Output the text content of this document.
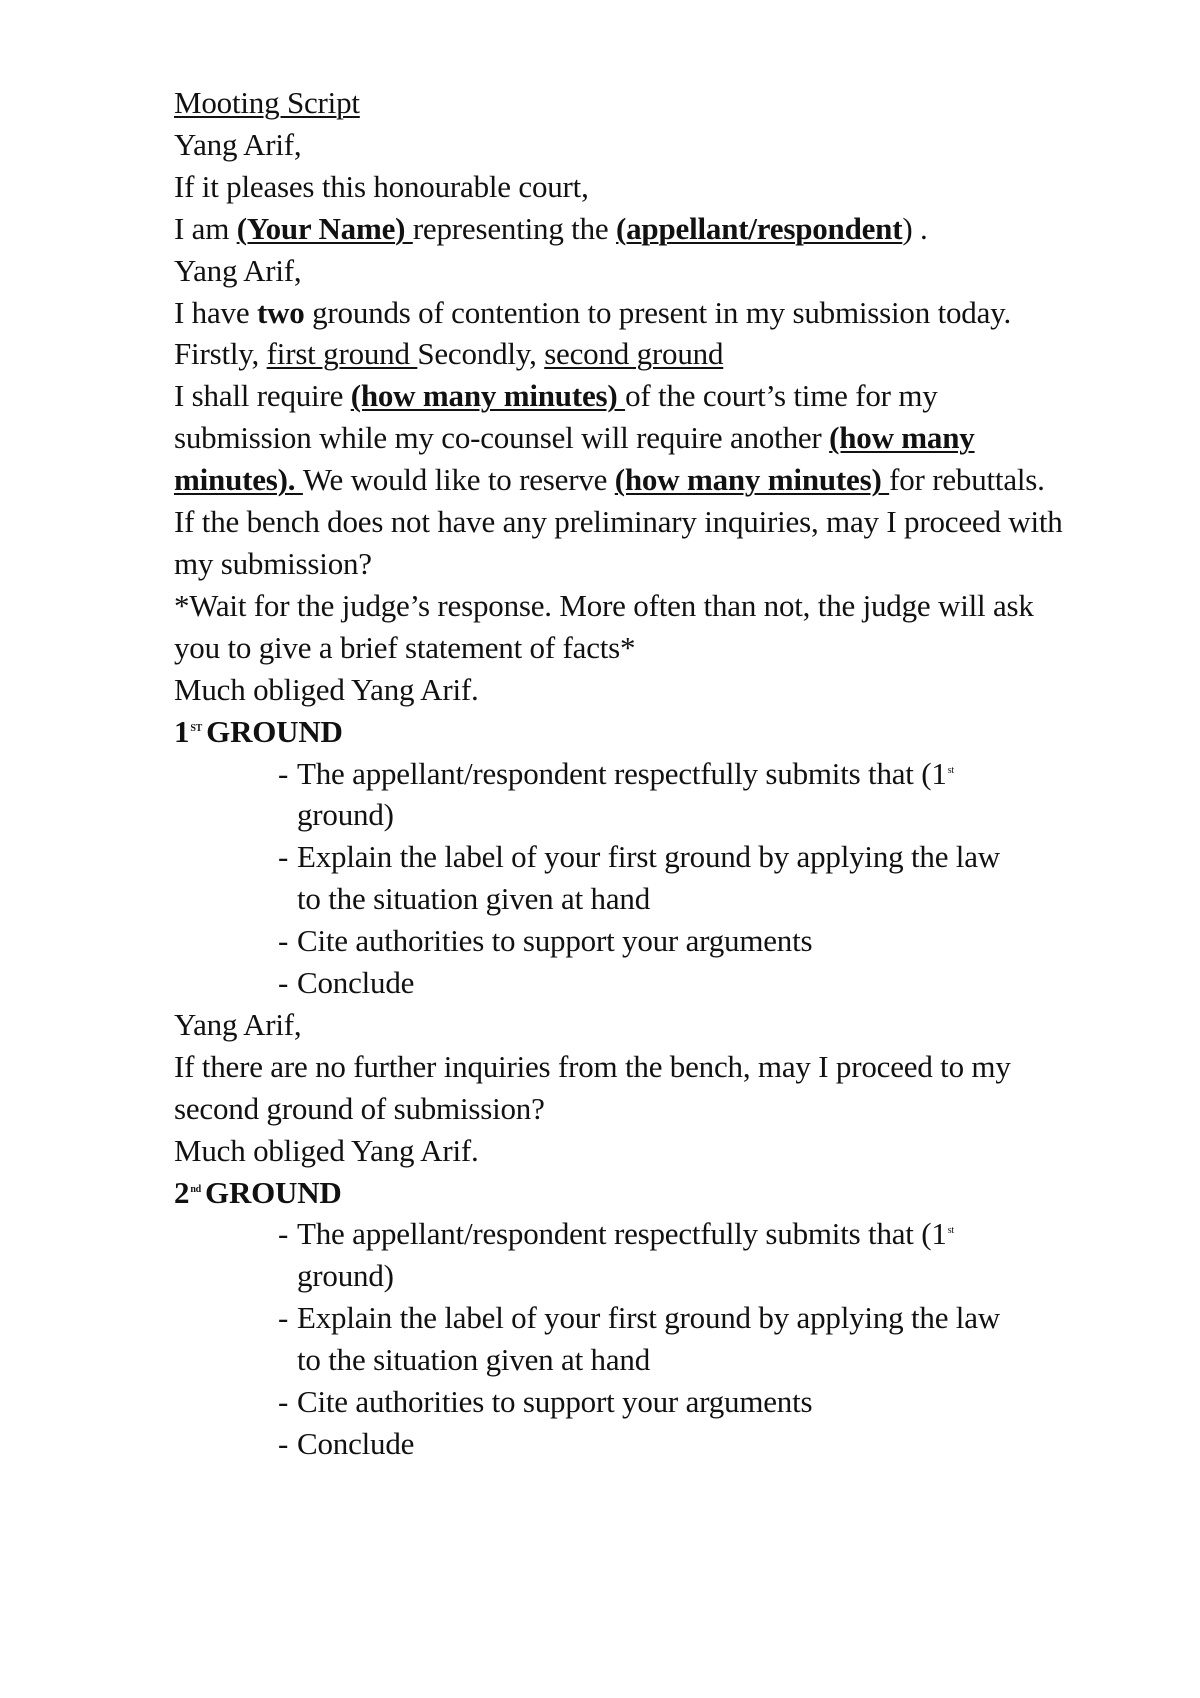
Mooting Script
Yang Arif,
If it pleases this honourable court,
I am (Your Name) representing the (appellant/respondent) .
Yang Arif,
I have two grounds of contention to present in my submission today.
Firstly, first ground Secondly, second ground
I shall require (how many minutes) of the court’s time for my submission while my co-counsel will require another (how many minutes). We would like to reserve (how many minutes) for rebuttals.
If the bench does not have any preliminary inquiries, may I proceed with my submission?
*Wait for the judge’s response. More often than not, the judge will ask you to give a brief statement of facts*
Much obliged Yang Arif.
1ST GROUND
- The appellant/respondent respectfully submits that (1st ground)
- Explain the label of your first ground by applying the law to the situation given at hand
- Cite authorities to support your arguments
- Conclude
Yang Arif,
If there are no further inquiries from the bench, may I proceed to my second ground of submission?
Much obliged Yang Arif.
2nd GROUND
- The appellant/respondent respectfully submits that (1st ground)
- Explain the label of your first ground by applying the law to the situation given at hand
- Cite authorities to support your arguments
- Conclude
